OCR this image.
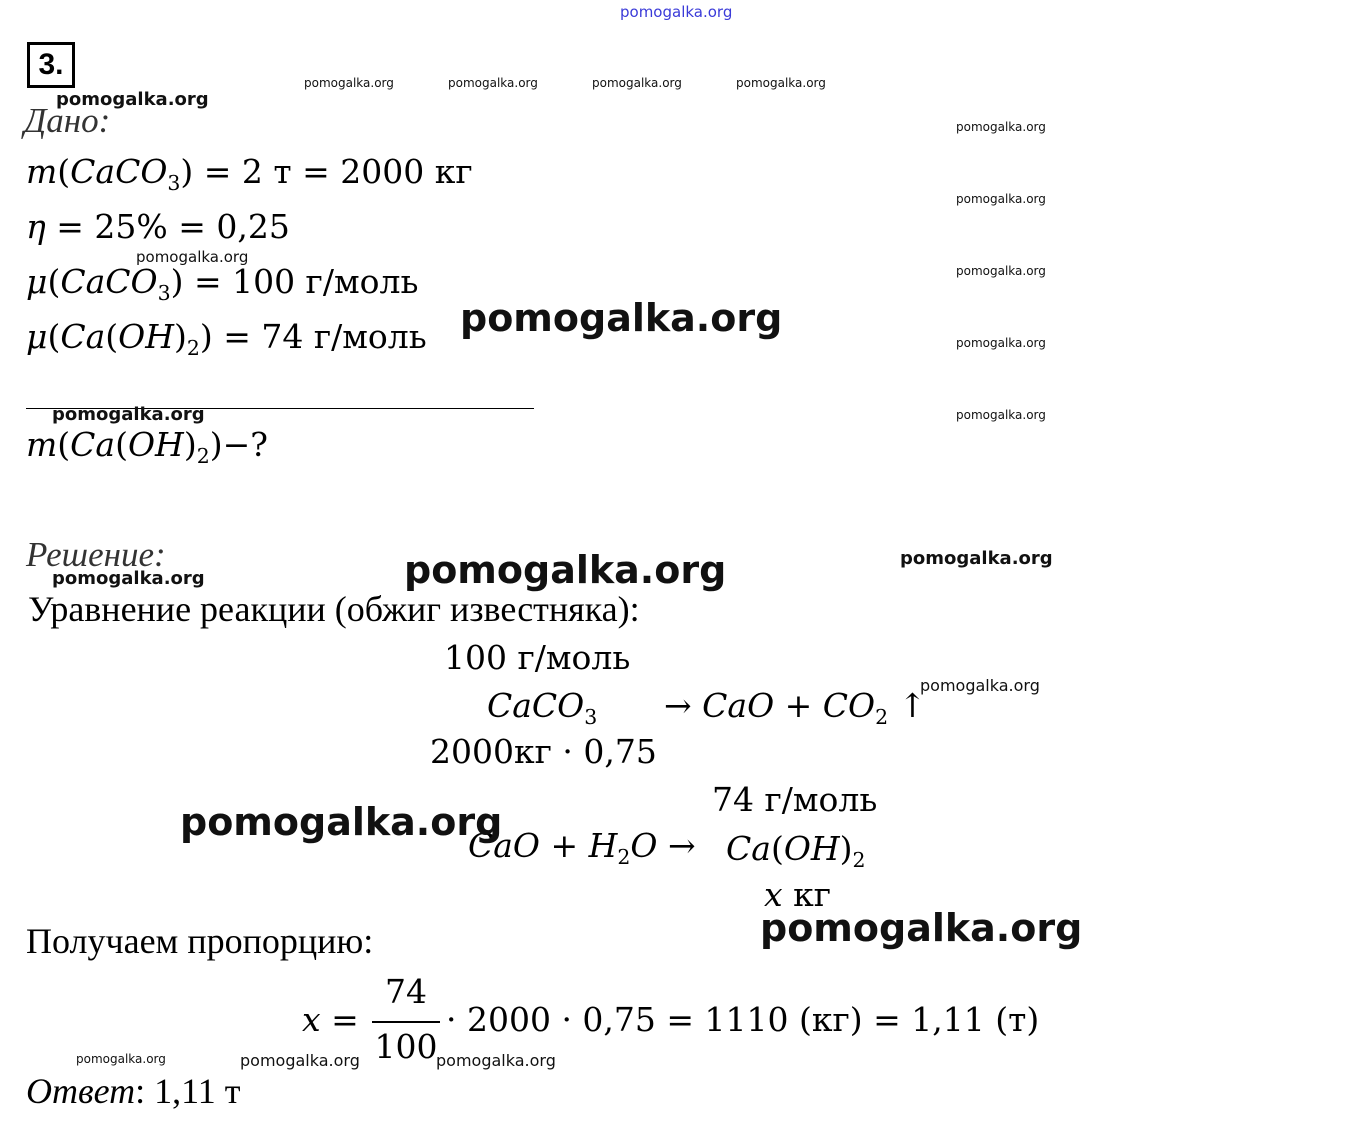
pomogalka.org
3.
Дано:
m(CaCO$_3$) = 2 т = 2000 кг
η = 25% = 0,25
μ(CaCO$_3$) = 100 г/моль
$\mu(Ca(OH)_2) = 74$ г/моль
$m(Ca(OH)_2)-$?
Решение:
Уравнение реакции (обжиг известняка):
100 г/моль
CaCO$_3$ → CaO + $CO_2$ ↑
2000кг · 0,75
74 г/моль
CaO + $H_2O \to Ca(OH)_2$
x кг
Получаем пропорцию:
x =
74
100
· 2000 · 0,75 = 1110 (кг) = 1,11 (т)
Ответ: 1,11 т
pomogalka.org
pomogalka.org	pomogalka.org	pomogalka.org	pomogalka.org
pomogalka.org
pomogalka.org
pomogalka.org
pomogalka.org
pomogalka.org
pomogalka.org
pomogalka.org
pomogalka.org
pomogalka.org	pomogalka.org
pomogalka.org
pomogalka.org
pomogalka.org
pomogalka.org
pomogalka.org	pomogalka.org	pomogalka.org
